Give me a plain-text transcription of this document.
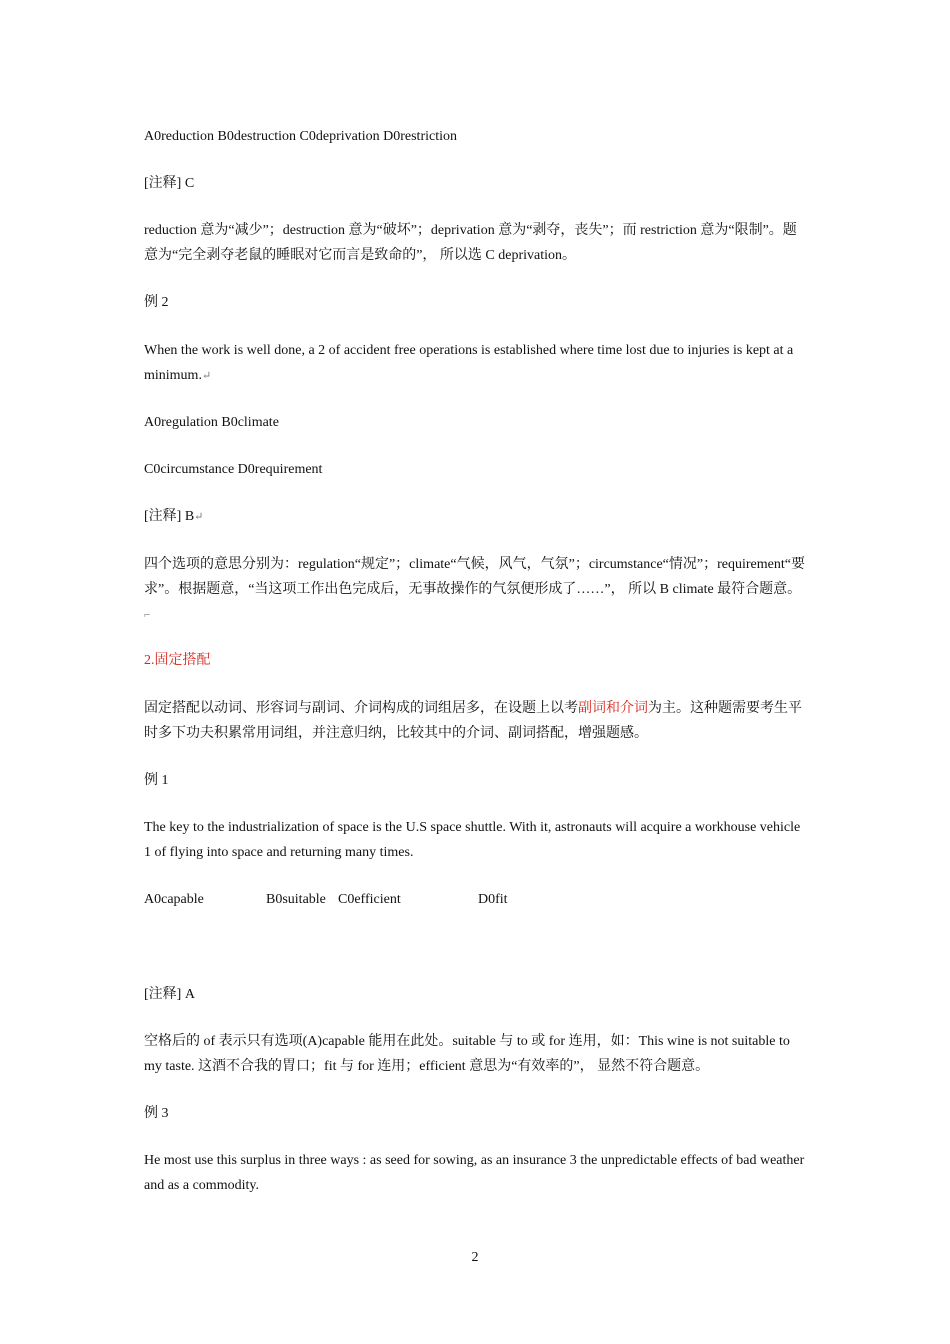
A0reduction B0destruction C0deprivation D0restriction

[注释] C

reduction 意为“减少”；destruction 意为“破坏”；deprivation 意为“剥夺，丧失”；而 restriction 意为“限制”。题意为“完全剥夺老鼠的睡眠对它而言是致命的”， 所以选 C deprivation。

例 2

When the work is well done, a 2 of accident free operations is established where time lost due to injuries is kept at a minimum.↵

A0regulation B0climate

C0circumstance D0requirement

[注释] B↵

四个选项的意思分别为：regulation“规定”；climate“气候，风气，气氛”；circumstance“情况”；requirement“要求”。根据题意，“当这项工作出色完成后，无事故操作的气氛便形成了……”， 所以 B climate 最符合题意。 ⌐

2.固定搭配

固定搭配以动词、形容词与副词、介词构成的词组居多，在设题上以考副词和介词为主。这种题需要考生平时多下功夫积累常用词组，并注意归纳，比较其中的介词、副词搭配，增强题感。

例 1

The key to the industrialization of space is the U.S space shuttle. With it, astronauts will acquire a workhouse vehicle 1 of flying into space and returning many times.

A0capable	B0suitable C0efficient	D0fit

[注释] A

空格后的 of 表示只有选项(A)capable 能用在此处。suitable 与 to 或 for 连用，如：This wine is not suitable to my taste. 这酒不合我的胃口；fit 与 for 连用；efficient 意思为“有效率的”， 显然不符合题意。

例 3

He most use this surplus in three ways : as seed for sowing, as an insurance 3 the unpredictable effects of bad weather and as a commodity.

2
